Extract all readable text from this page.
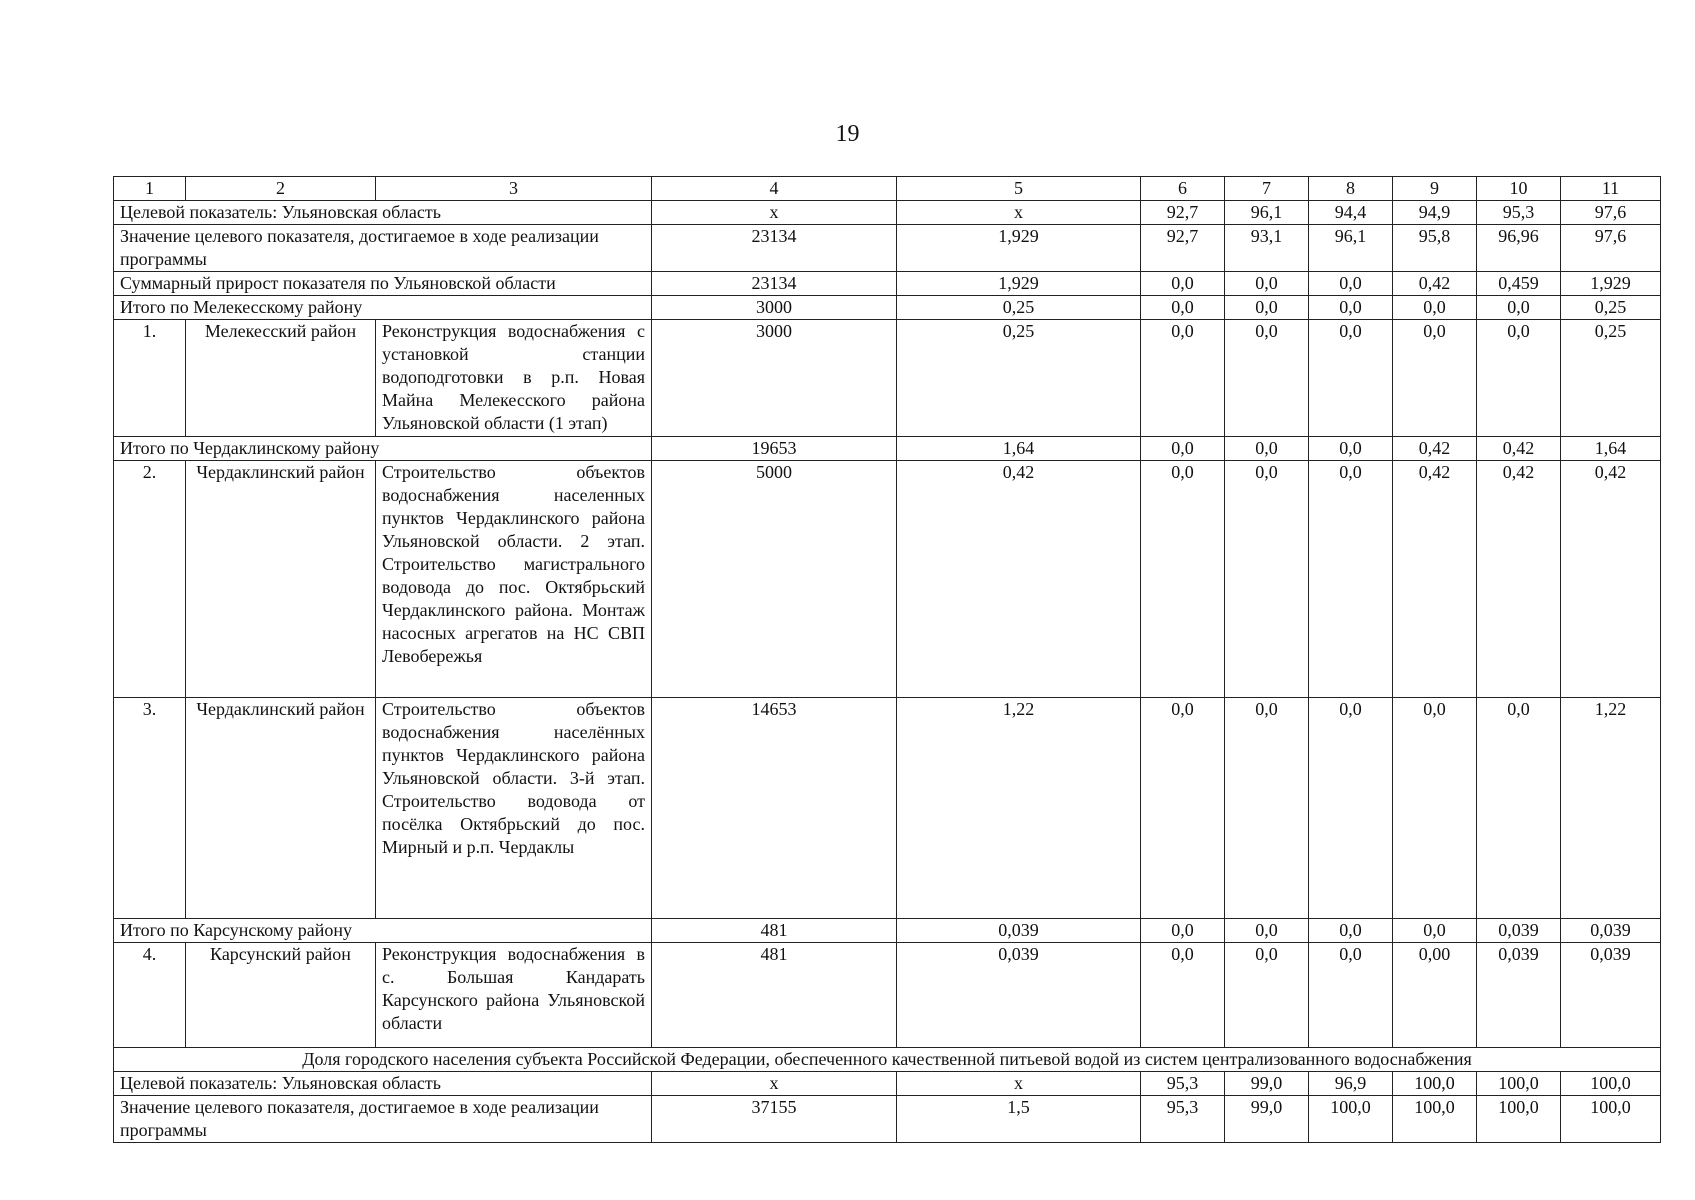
19
1	2	3	4	5	6	7	8	9	10	11
Целевой показатель: Ульяновская область			х	х	92,7	96,1	94,4	94,9	95,3	97,6
Значение целевого показателя, достигаемое в ходе реализации программы			23134	1,929	92,7	93,1	96,1	95,8	96,96	97,6
Суммарный прирост показателя по Ульяновской области			23134	1,929	0,0	0,0	0,0	0,42	0,459	1,929
Итого по Мелекесскому району			3000	0,25	0,0	0,0	0,0	0,0	0,0	0,25
1.	Мелекесский район	Реконструкция водоснабжения с установкой станции водоподготовки в р.п. Новая Майна Мелекесского района Ульяновской области (1 этап)	3000	0,25	0,0	0,0	0,0	0,0	0,0	0,25
Итого по Чердаклинскому району			19653	1,64	0,0	0,0	0,0	0,42	0,42	1,64
2.	Чердаклинский район	Строительство объектов водоснабжения населенных пунктов Чердаклинского района Ульяновской области. 2 этап. Строительство магистрального водовода до пос. Октябрьский Чердаклинского района. Монтаж насосных агрегатов на НС СВП Левобережья	5000	0,42	0,0	0,0	0,0	0,42	0,42	0,42
3.	Чердаклинский район	Строительство объектов водоснабжения населённых пунктов Чердаклинского района Ульяновской области. 3-й этап. Строительство водовода от посёлка Октябрьский до пос. Мирный и р.п. Чердаклы	14653	1,22	0,0	0,0	0,0	0,0	0,0	1,22
Итого по Карсунскому району			481	0,039	0,0	0,0	0,0	0,0	0,039	0,039
4.	Карсунский район	Реконструкция водоснабжения в с. Большая Кандарать Карсунского района Ульяновской области	481	0,039	0,0	0,0	0,0	0,00	0,039	0,039
Доля городского населения субъекта Российской Федерации, обеспеченного качественной питьевой водой из систем централизованного водоснабжения										
Целевой показатель: Ульяновская область			х	х	95,3	99,0	96,9	100,0	100,0	100,0
Значение целевого показателя, достигаемое в ходе реализации программы			37155	1,5	95,3	99,0	100,0	100,0	100,0	100,0
